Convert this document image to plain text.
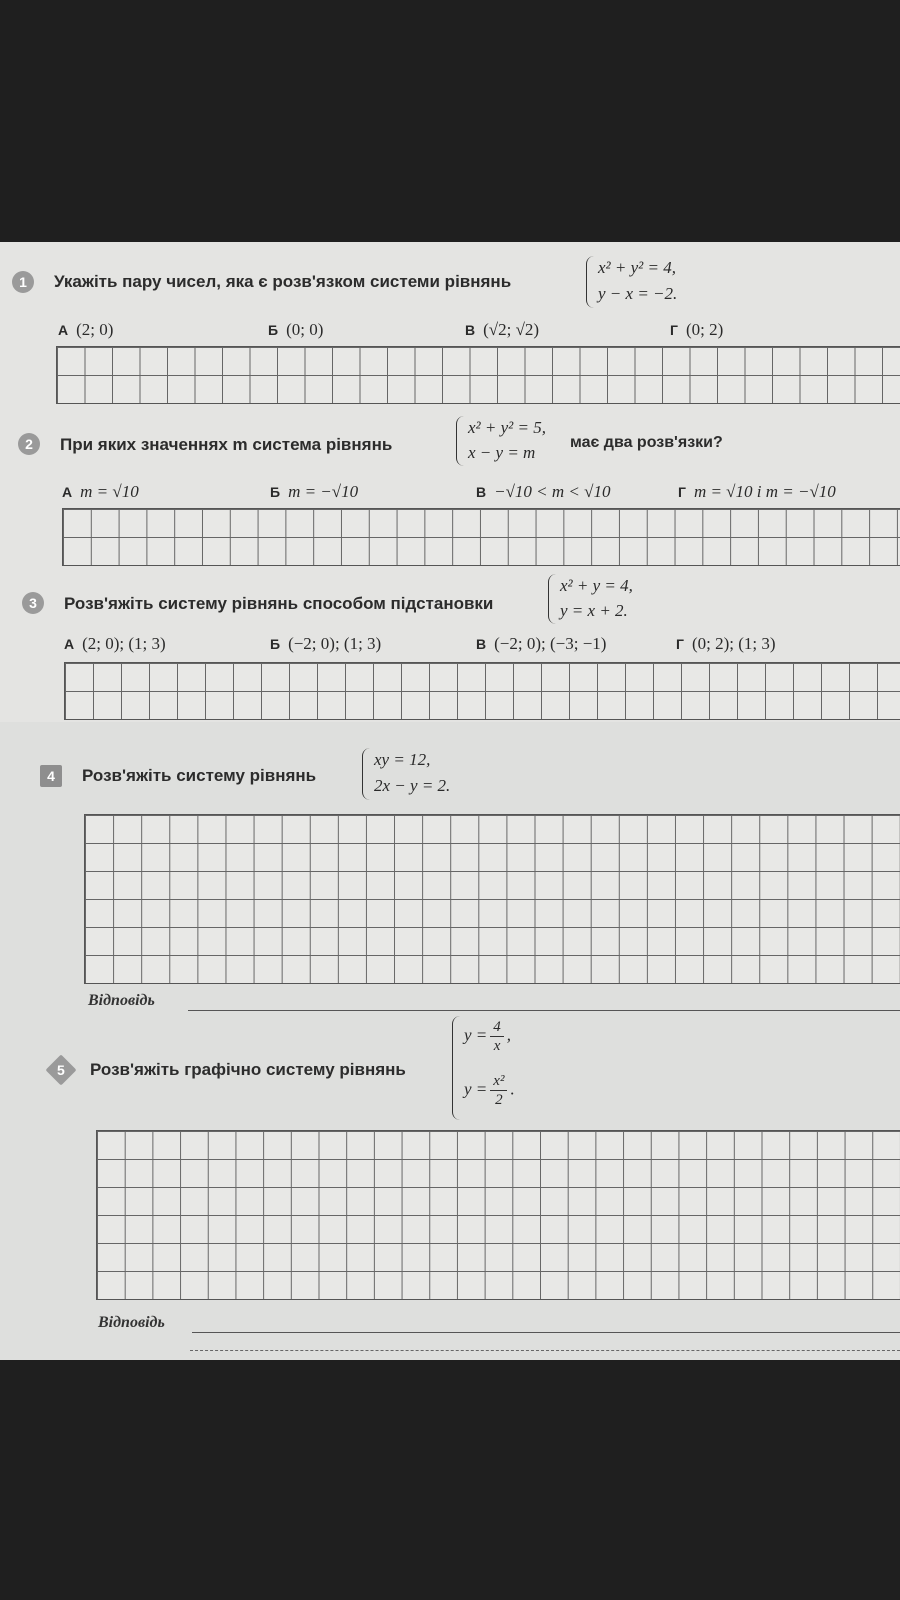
1	Укажіть пару чисел, яка є розв'язком системи рівнянь
x² + y² = 4,
y − x = −2.
А (2; 0)	Б (0; 0)	В (√2; √2)	Г (0; 2)
2	При яких значеннях m система рівнянь
x² + y² = 5,
x − y = m
має два розв'язки?
А m = √10	Б m = −√10	В −√10 < m < √10	Г m = √10 і m = −√10
3	Розв'яжіть систему рівнянь способом підстановки
x² + y = 4,
y = x + 2.
А (2; 0); (1; 3)	Б (−2; 0); (1; 3)	В (−2; 0); (−3; −1)	Г (0; 2); (1; 3)
4	Розв'яжіть систему рівнянь
xy = 12,
2x − y = 2.
Відповідь
5	Розв'яжіть графічно систему рівнянь
$y = \frac{4}{x}$ ,
$y = \frac{\text{x²}}{2}$ .
Відповідь
